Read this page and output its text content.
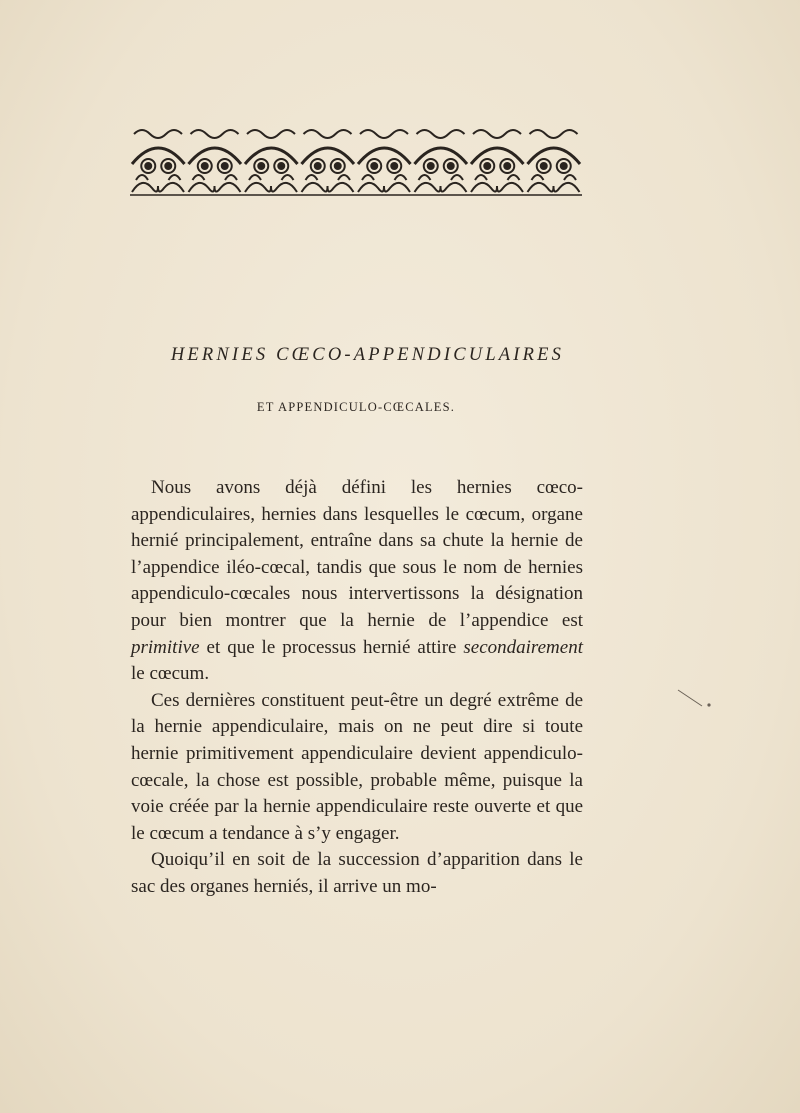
HERNIES CŒCO-APPENDICULAIRES
ET APPENDICULO-CŒCALES.

Nous avons déjà défini les hernies cœco-appendiculaires, hernies dans lesquelles le cœcum, organe hernié principalement, entraîne dans sa chute la hernie de l’appendice iléo-cœcal, tandis que sous le nom de hernies appendiculo-cœcales nous intervertissons la désignation pour bien montrer que la hernie de l’appendice est primitive et que le processus hernié attire secondairement le cœcum.

Ces dernières constituent peut-être un degré extrême de la hernie appendiculaire, mais on ne peut dire si toute hernie primitivement appendiculaire devient appendiculo-cœcale, la chose est possible, probable même, puisque la voie créée par la hernie appendiculaire reste ouverte et que le cœcum a tendance à s’y engager.

Quoiqu’il en soit de la succession d’apparition dans le sac des organes herniés, il arrive un mo-
